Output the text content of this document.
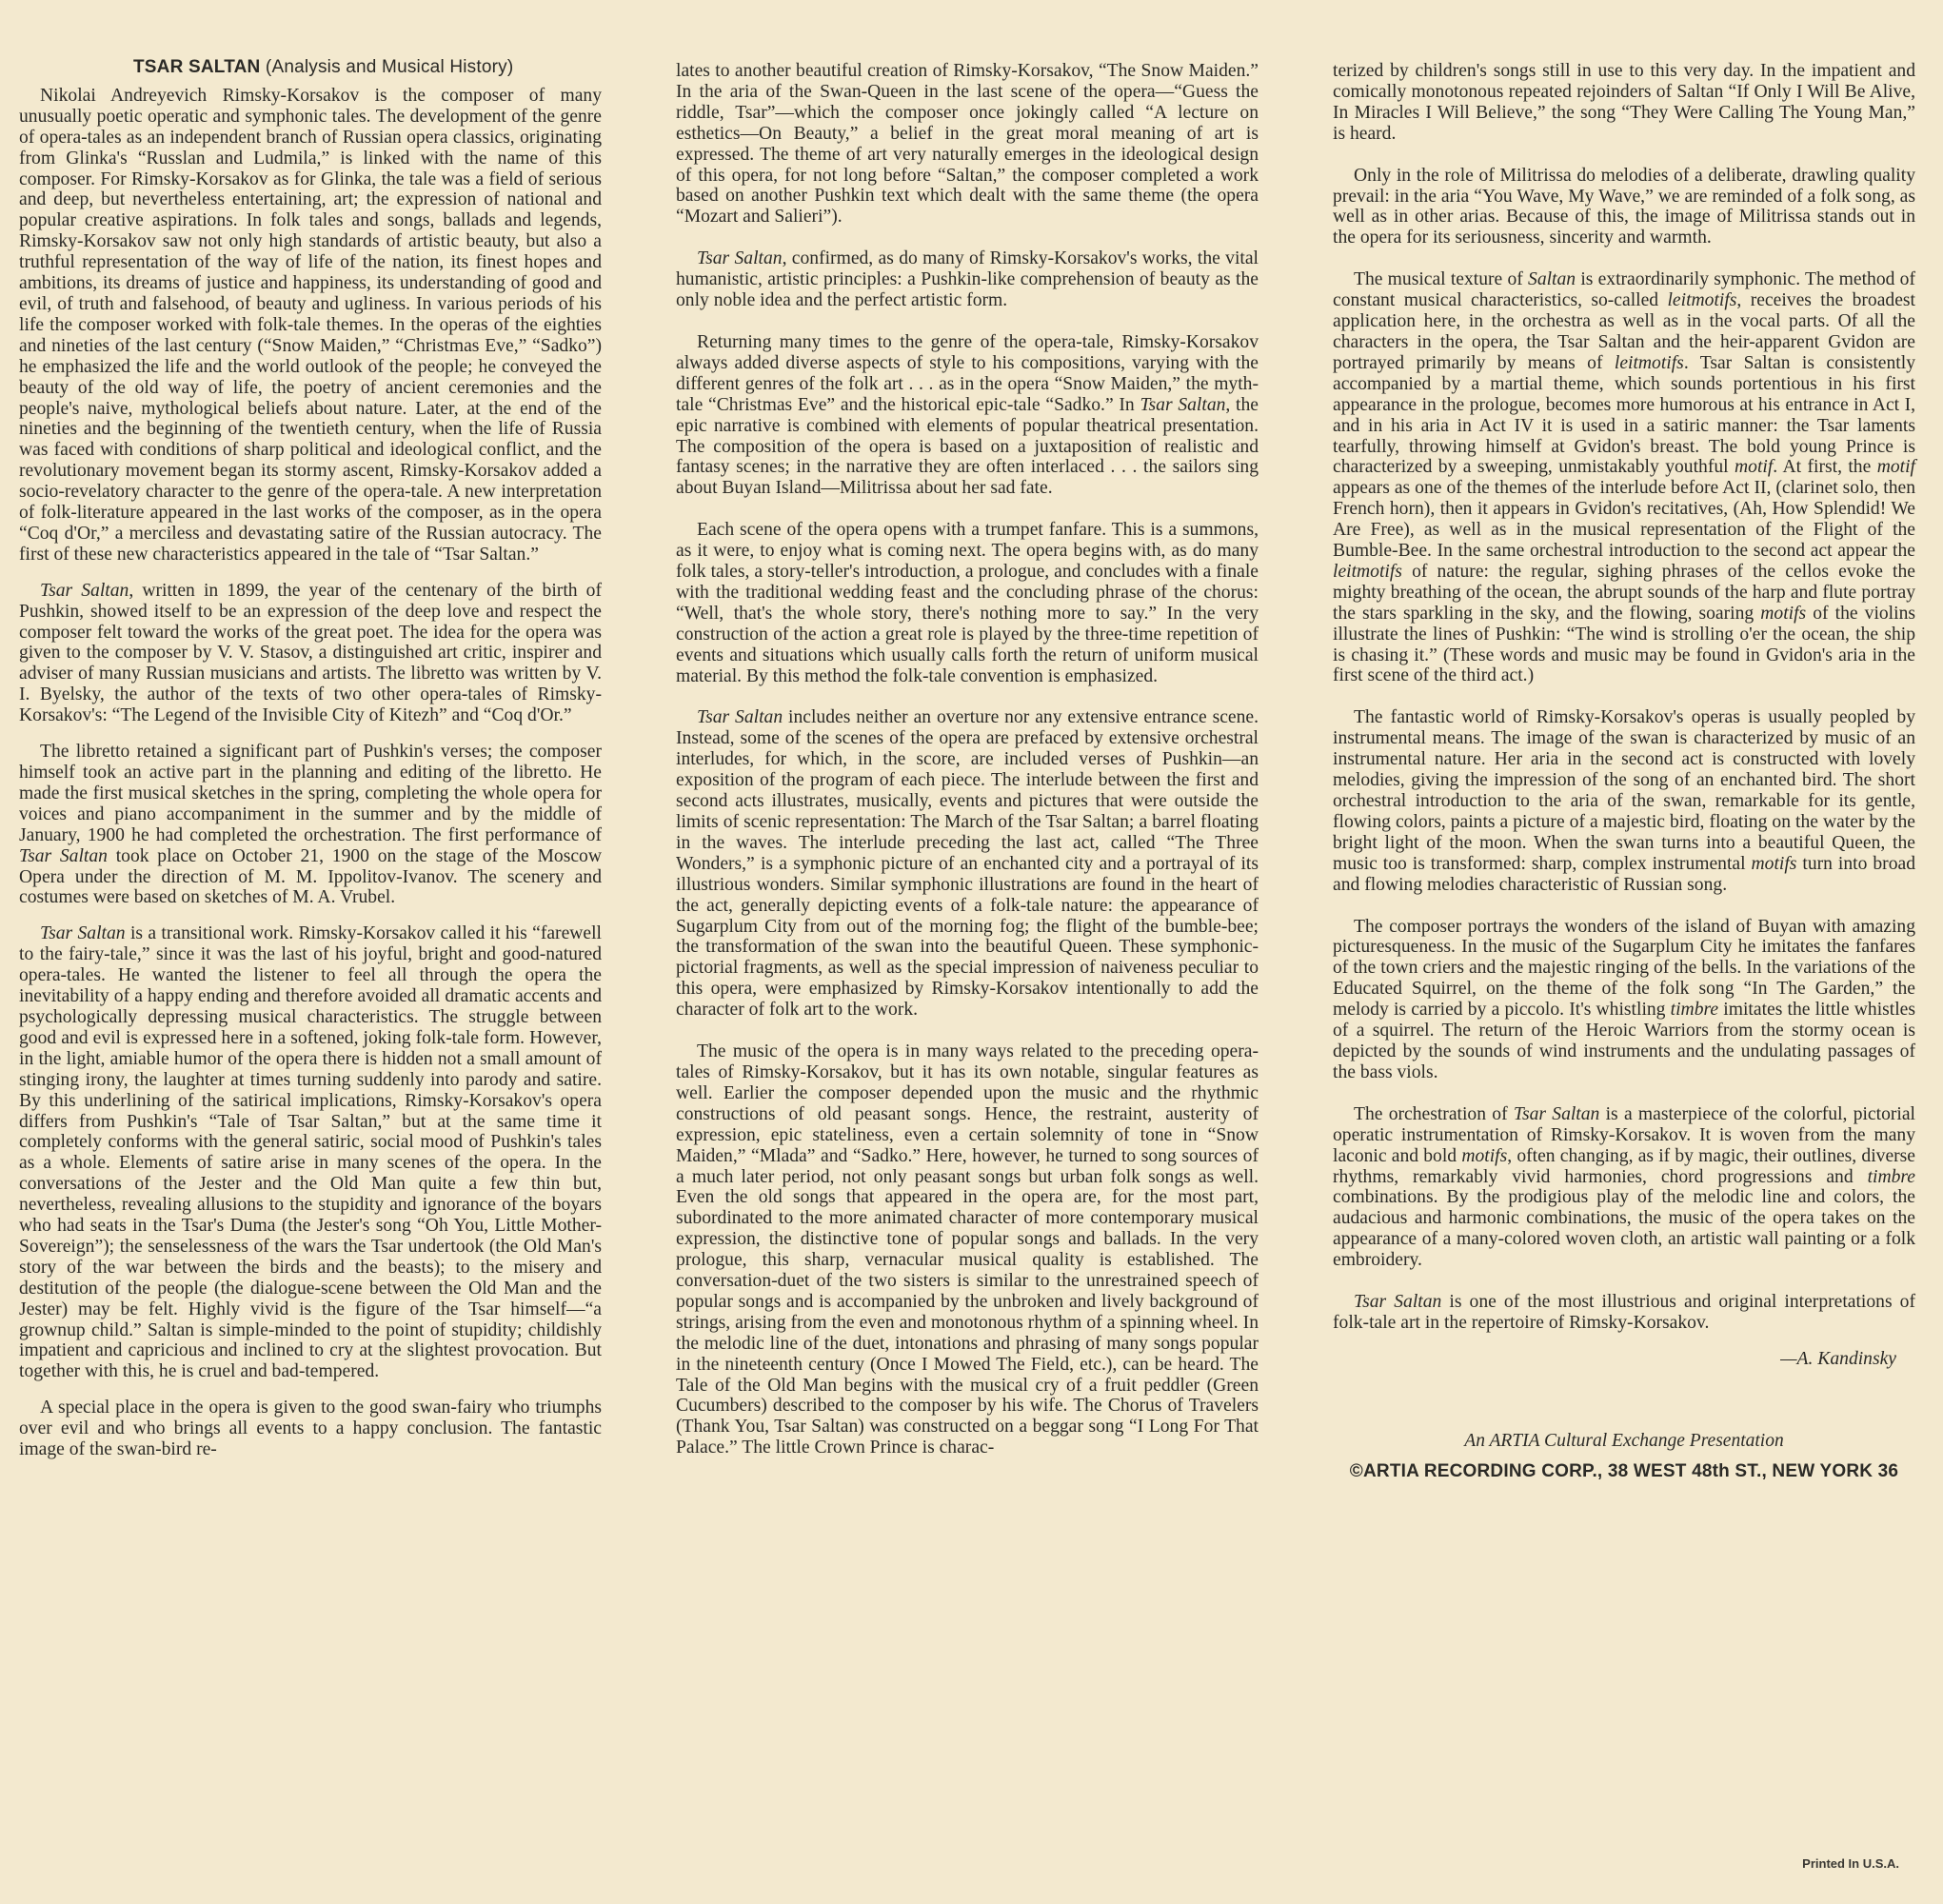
TSAR SALTAN (Analysis and Musical History)

Nikolai Andreyevich Rimsky-Korsakov is the composer of many unusually poetic operatic and symphonic tales. The development of the genre of opera-tales as an independent branch of Russian opera classics, originating from Glinka's “Russlan and Ludmila,” is linked with the name of this composer. For Rimsky-Korsakov as for Glinka, the tale was a field of serious and deep, but nevertheless entertaining, art; the expression of national and popular creative aspirations. In folk tales and songs, ballads and legends, Rimsky-Korsakov saw not only high standards of artistic beauty, but also a truthful representation of the way of life of the nation, its finest hopes and ambitions, its dreams of justice and happiness, its understanding of good and evil, of truth and falsehood, of beauty and ugliness. In various periods of his life the composer worked with folk-tale themes. In the operas of the eighties and nineties of the last century (“Snow Maiden,” “Christmas Eve,” “Sadko”) he emphasized the life and the world outlook of the people; he conveyed the beauty of the old way of life, the poetry of ancient ceremonies and the people's naive, mythological beliefs about nature. Later, at the end of the nineties and the beginning of the twentieth century, when the life of Russia was faced with conditions of sharp political and ideological conflict, and the revolutionary movement began its stormy ascent, Rimsky-Korsakov added a socio-revelatory character to the genre of the opera-tale. A new interpretation of folk-literature appeared in the last works of the composer, as in the opera “Coq d'Or,” a merciless and devastating satire of the Russian autocracy. The first of these new characteristics appeared in the tale of “Tsar Saltan.”

Tsar Saltan, written in 1899, the year of the centenary of the birth of Pushkin, showed itself to be an expression of the deep love and respect the composer felt toward the works of the great poet. The idea for the opera was given to the composer by V. V. Stasov, a distinguished art critic, inspirer and adviser of many Russian musicians and artists. The libretto was written by V. I. Byelsky, the author of the texts of two other opera-tales of Rimsky-Korsakov's: “The Legend of the Invisible City of Kitezh” and “Coq d'Or.”

The libretto retained a significant part of Pushkin's verses; the composer himself took an active part in the planning and editing of the libretto. He made the first musical sketches in the spring, completing the whole opera for voices and piano accompaniment in the summer and by the middle of January, 1900 he had completed the orchestration. The first performance of Tsar Saltan took place on October 21, 1900 on the stage of the Moscow Opera under the direction of M. M. Ippolitov-Ivanov. The scenery and costumes were based on sketches of M. A. Vrubel.

Tsar Saltan is a transitional work. Rimsky-Korsakov called it his “farewell to the fairy-tale,” since it was the last of his joyful, bright and good-natured opera-tales. He wanted the listener to feel all through the opera the inevitability of a happy ending and therefore avoided all dramatic accents and psychologically depressing musical characteristics. The struggle between good and evil is expressed here in a softened, joking folk-tale form. However, in the light, amiable humor of the opera there is hidden not a small amount of stinging irony, the laughter at times turning suddenly into parody and satire. By this underlining of the satirical implications, Rimsky-Korsakov's opera differs from Pushkin's “Tale of Tsar Saltan,” but at the same time it completely conforms with the general satiric, social mood of Pushkin's tales as a whole. Elements of satire arise in many scenes of the opera. In the conversations of the Jester and the Old Man quite a few thin but, nevertheless, revealing allusions to the stupidity and ignorance of the boyars who had seats in the Tsar's Duma (the Jester's song “Oh You, Little Mother-Sovereign”); the senselessness of the wars the Tsar undertook (the Old Man's story of the war between the birds and the beasts); to the misery and destitution of the people (the dialogue-scene between the Old Man and the Jester) may be felt. Highly vivid is the figure of the Tsar himself—“a grownup child.” Saltan is simple-minded to the point of stupidity; childishly impatient and capricious and inclined to cry at the slightest provocation. But together with this, he is cruel and bad-tempered.

A special place in the opera is given to the good swan-fairy who triumphs over evil and who brings all events to a happy conclusion. The fantastic image of the swan-bird re-

lates to another beautiful creation of Rimsky-Korsakov, “The Snow Maiden.” In the aria of the Swan-Queen in the last scene of the opera—“Guess the riddle, Tsar”—which the composer once jokingly called “A lecture on esthetics—On Beauty,” a belief in the great moral meaning of art is expressed. The theme of art very naturally emerges in the ideological design of this opera, for not long before “Saltan,” the composer completed a work based on another Pushkin text which dealt with the same theme (the opera “Mozart and Salieri”).

Tsar Saltan, confirmed, as do many of Rimsky-Korsakov's works, the vital humanistic, artistic principles: a Pushkin-like comprehension of beauty as the only noble idea and the perfect artistic form.

Returning many times to the genre of the opera-tale, Rimsky-Korsakov always added diverse aspects of style to his compositions, varying with the different genres of the folk art . . . as in the opera “Snow Maiden,” the myth-tale “Christmas Eve” and the historical epic-tale “Sadko.” In Tsar Saltan, the epic narrative is combined with elements of popular theatrical presentation. The composition of the opera is based on a juxtaposition of realistic and fantasy scenes; in the narrative they are often interlaced . . . the sailors sing about Buyan Island—Militrissa about her sad fate.

Each scene of the opera opens with a trumpet fanfare. This is a summons, as it were, to enjoy what is coming next. The opera begins with, as do many folk tales, a story-teller's introduction, a prologue, and concludes with a finale with the traditional wedding feast and the concluding phrase of the chorus: “Well, that's the whole story, there's nothing more to say.” In the very construction of the action a great role is played by the three-time repetition of events and situations which usually calls forth the return of uniform musical material. By this method the folk-tale convention is emphasized.

Tsar Saltan includes neither an overture nor any extensive entrance scene. Instead, some of the scenes of the opera are prefaced by extensive orchestral interludes, for which, in the score, are included verses of Pushkin—an exposition of the program of each piece. The interlude between the first and second acts illustrates, musically, events and pictures that were outside the limits of scenic representation: The March of the Tsar Saltan; a barrel floating in the waves. The interlude preceding the last act, called “The Three Wonders,” is a symphonic picture of an enchanted city and a portrayal of its illustrious wonders. Similar symphonic illustrations are found in the heart of the act, generally depicting events of a folk-tale nature: the appearance of Sugarplum City from out of the morning fog; the flight of the bumble-bee; the transformation of the swan into the beautiful Queen. These symphonic-pictorial fragments, as well as the special impression of naiveness peculiar to this opera, were emphasized by Rimsky-Korsakov intentionally to add the character of folk art to the work.

The music of the opera is in many ways related to the preceding opera-tales of Rimsky-Korsakov, but it has its own notable, singular features as well. Earlier the composer depended upon the music and the rhythmic constructions of old peasant songs. Hence, the restraint, austerity of expression, epic stateliness, even a certain solemnity of tone in “Snow Maiden,” “Mlada” and “Sadko.” Here, however, he turned to song sources of a much later period, not only peasant songs but urban folk songs as well. Even the old songs that appeared in the opera are, for the most part, subordinated to the more animated character of more contemporary musical expression, the distinctive tone of popular songs and ballads. In the very prologue, this sharp, vernacular musical quality is established. The conversation-duet of the two sisters is similar to the unrestrained speech of popular songs and is accompanied by the unbroken and lively background of strings, arising from the even and monotonous rhythm of a spinning wheel. In the melodic line of the duet, intonations and phrasing of many songs popular in the nineteenth century (Once I Mowed The Field, etc.), can be heard. The Tale of the Old Man begins with the musical cry of a fruit peddler (Green Cucumbers) described to the composer by his wife. The Chorus of Travelers (Thank You, Tsar Saltan) was constructed on a beggar song “I Long For That Palace.” The little Crown Prince is charac-

terized by children's songs still in use to this very day. In the impatient and comically monotonous repeated rejoinders of Saltan “If Only I Will Be Alive, In Miracles I Will Believe,” the song “They Were Calling The Young Man,” is heard.

Only in the role of Militrissa do melodies of a deliberate, drawling quality prevail: in the aria “You Wave, My Wave,” we are reminded of a folk song, as well as in other arias. Because of this, the image of Militrissa stands out in the opera for its seriousness, sincerity and warmth.

The musical texture of Saltan is extraordinarily symphonic. The method of constant musical characteristics, so-called leitmotifs, receives the broadest application here, in the orchestra as well as in the vocal parts. Of all the characters in the opera, the Tsar Saltan and the heir-apparent Gvidon are portrayed primarily by means of leitmotifs. Tsar Saltan is consistently accompanied by a martial theme, which sounds portentious in his first appearance in the prologue, becomes more humorous at his entrance in Act I, and in his aria in Act IV it is used in a satiric manner: the Tsar laments tearfully, throwing himself at Gvidon's breast. The bold young Prince is characterized by a sweeping, unmistakably youthful motif. At first, the motif appears as one of the themes of the interlude before Act II, (clarinet solo, then French horn), then it appears in Gvidon's recitatives, (Ah, How Splendid! We Are Free), as well as in the musical representation of the Flight of the Bumble-Bee. In the same orchestral introduction to the second act appear the leitmotifs of nature: the regular, sighing phrases of the cellos evoke the mighty breathing of the ocean, the abrupt sounds of the harp and flute portray the stars sparkling in the sky, and the flowing, soaring motifs of the violins illustrate the lines of Pushkin: “The wind is strolling o'er the ocean, the ship is chasing it.” (These words and music may be found in Gvidon's aria in the first scene of the third act.)

The fantastic world of Rimsky-Korsakov's operas is usually peopled by instrumental means. The image of the swan is characterized by music of an instrumental nature. Her aria in the second act is constructed with lovely melodies, giving the impression of the song of an enchanted bird. The short orchestral introduction to the aria of the swan, remarkable for its gentle, flowing colors, paints a picture of a majestic bird, floating on the water by the bright light of the moon. When the swan turns into a beautiful Queen, the music too is transformed: sharp, complex instrumental motifs turn into broad and flowing melodies characteristic of Russian song.

The composer portrays the wonders of the island of Buyan with amazing picturesqueness. In the music of the Sugarplum City he imitates the fanfares of the town criers and the majestic ringing of the bells. In the variations of the Educated Squirrel, on the theme of the folk song “In The Garden,” the melody is carried by a piccolo. It's whistling timbre imitates the little whistles of a squirrel. The return of the Heroic Warriors from the stormy ocean is depicted by the sounds of wind instruments and the undulating passages of the bass viols.

The orchestration of Tsar Saltan is a masterpiece of the colorful, pictorial operatic instrumentation of Rimsky-Korsakov. It is woven from the many laconic and bold motifs, often changing, as if by magic, their outlines, diverse rhythms, remarkably vivid harmonies, chord progressions and timbre combinations. By the prodigious play of the melodic line and colors, the audacious and harmonic combinations, the music of the opera takes on the appearance of a many-colored woven cloth, an artistic wall painting or a folk embroidery.

Tsar Saltan is one of the most illustrious and original interpretations of folk-tale art in the repertoire of Rimsky-Korsakov.

—A. Kandinsky
An ARTIA Cultural Exchange Presentation
©ARTIA RECORDING CORP., 38 WEST 48th ST., NEW YORK 36
Printed In U.S.A.
